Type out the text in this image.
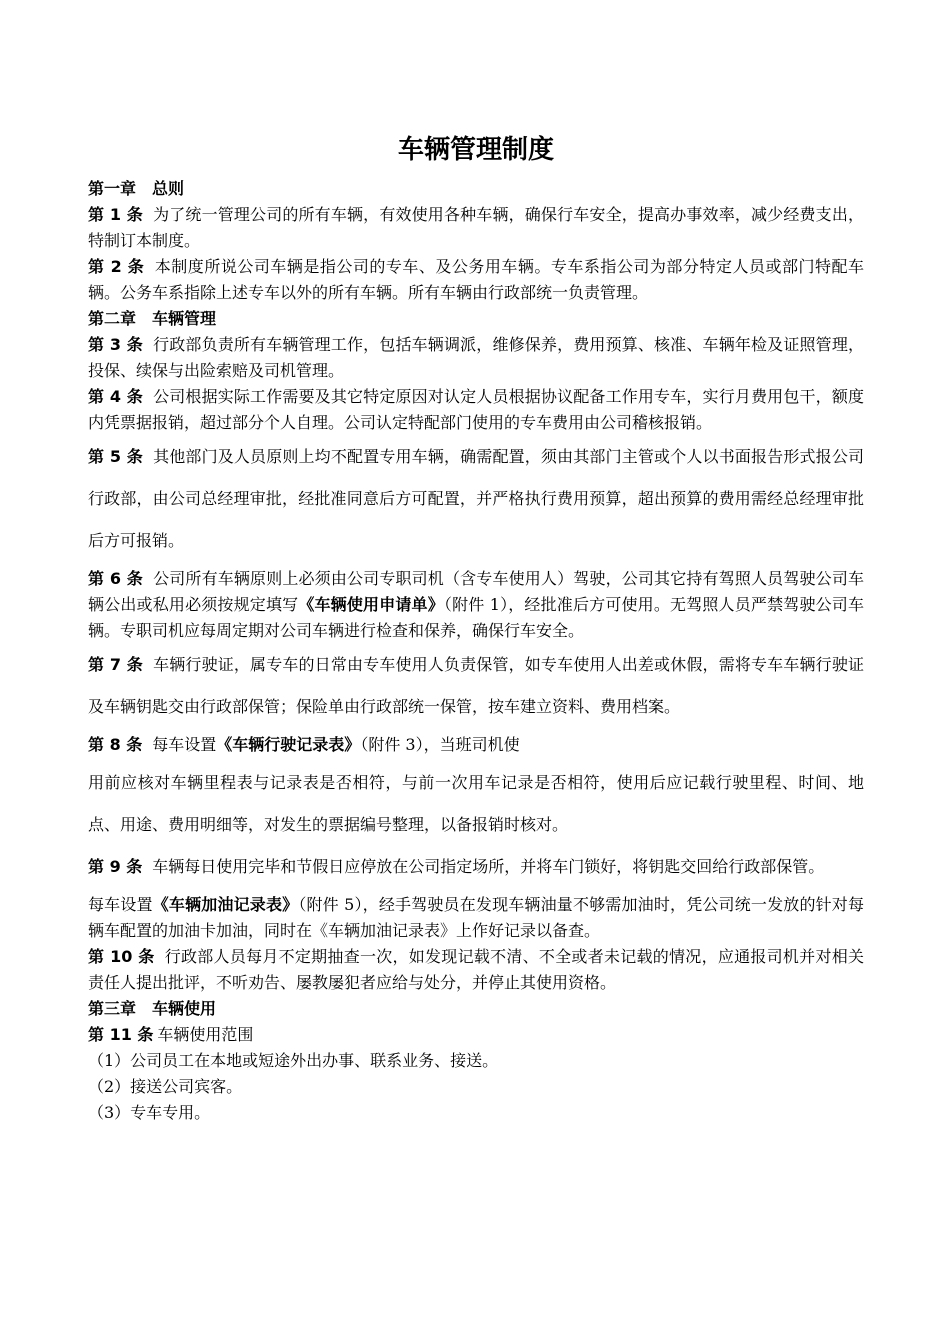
车辆管理制度
第一章　总则

第 1 条 为了统一管理公司的所有车辆，有效使用各种车辆，确保行车安全，提高办事效率，减少经费支出，特制订本制度。

第 2 条 本制度所说公司车辆是指公司的专车、及公务用车辆。专车系指公司为部分特定人员或部门特配车辆。公务车系指除上述专车以外的所有车辆。所有车辆由行政部统一负责管理。

第二章　车辆管理

第 3 条 行政部负责所有车辆管理工作，包括车辆调派，维修保养，费用预算、核准、车辆年检及证照管理，投保、续保与出险索赔及司机管理。

第 4 条 公司根据实际工作需要及其它特定原因对认定人员根据协议配备工作用专车，实行月费用包干，额度内凭票据报销，超过部分个人自理。公司认定特配部门使用的专车费用由公司稽核报销。

第 5 条 其他部门及人员原则上均不配置专用车辆，确需配置，须由其部门主管或个人以书面报告形式报公司行政部，由公司总经理审批，经批准同意后方可配置，并严格执行费用预算，超出预算的费用需经总经理审批后方可报销。

第 6 条 公司所有车辆原则上必须由公司专职司机（含专车使用人）驾驶，公司其它持有驾照人员驾驶公司车辆公出或私用必须按规定填写《车辆使用申请单》（附件 1），经批准后方可使用。无驾照人员严禁驾驶公司车辆。专职司机应每周定期对公司车辆进行检查和保养，确保行车安全。

第 7 条 车辆行驶证，属专车的日常由专车使用人负责保管，如专车使用人出差或休假，需将专车车辆行驶证及车辆钥匙交由行政部保管；保险单由行政部统一保管，按车建立资料、费用档案。

第 8 条 每车设置《车辆行驶记录表》（附件 3），当班司机使

用前应核对车辆里程表与记录表是否相符，与前一次用车记录是否相符，使用后应记载行驶里程、时间、地点、用途、费用明细等，对发生的票据编号整理，以备报销时核对。

第 9 条 车辆每日使用完毕和节假日应停放在公司指定场所，并将车门锁好，将钥匙交回给行政部保管。

每车设置《车辆加油记录表》（附件 5），经手驾驶员在发现车辆油量不够需加油时，凭公司统一发放的针对每辆车配置的加油卡加油，同时在《车辆加油记录表》上作好记录以备查。

第 10 条 行政部人员每月不定期抽查一次，如发现记载不清、不全或者未记载的情况，应通报司机并对相关责任人提出批评，不听劝告、屡教屡犯者应给与处分，并停止其使用资格。

第三章　车辆使用

第 11 条 车辆使用范围

（1）公司员工在本地或短途外出办事、联系业务、接送。

（2）接送公司宾客。

（3）专车专用。
